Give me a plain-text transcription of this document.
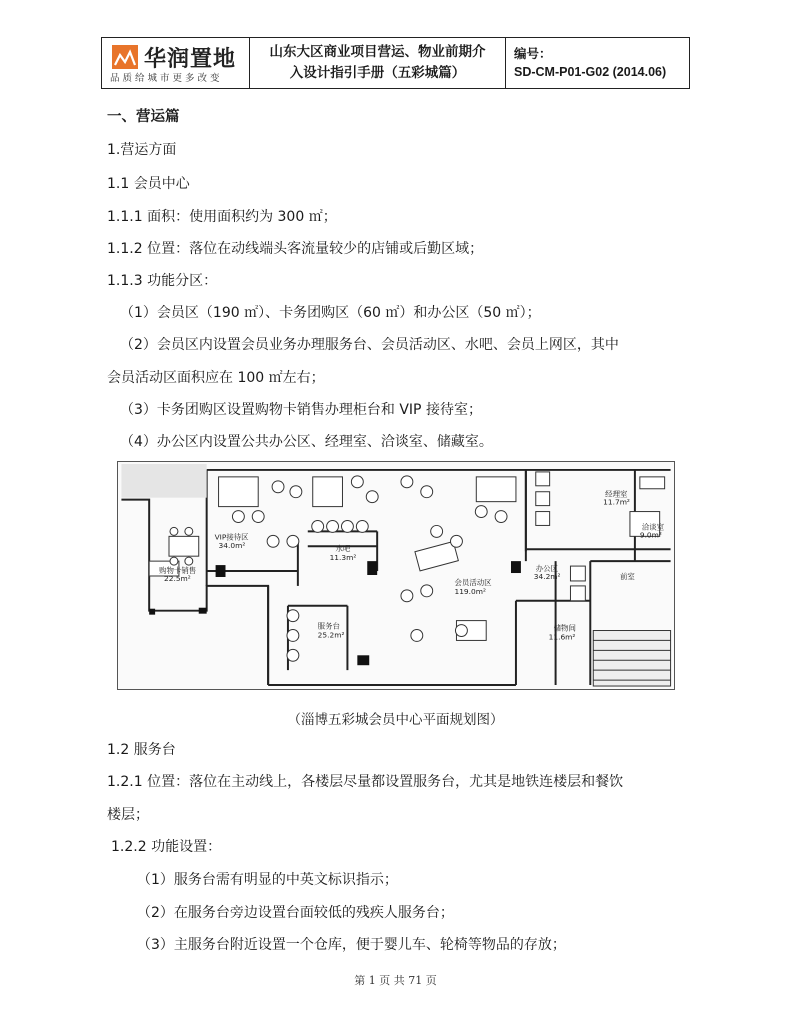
华润置地
品质给城市更多改变
山东大区商业项目营运、物业前期介
入设计指引手册（五彩城篇）
编号：
SD-CM-P01-G02 (2014.06)
一、营运篇
1.营运方面
1.1 会员中心
1.1.1 面积：使用面积约为 300 ㎡；
1.1.2 位置：落位在动线端头客流量较少的店铺或后勤区域；
1.1.3 功能分区：
（1）会员区（190 ㎡）、卡务团购区（60 ㎡）和办公区（50 ㎡）；
（2）会员区内设置会员业务办理服务台、会员活动区、水吧、会员上网区，其中
会员活动区面积应在 100 ㎡左右；
（3）卡务团购区设置购物卡销售办理柜台和 VIP 接待室；
（4）办公区内设置公共办公区、经理室、洽谈室、储藏室。
VIP接待区
34.0m²
购物卡销售
22.5m²
水吧
11.3m²
服务台
25.2m²
会员活动区
119.0m²
办公区
34.2m²
储物间
11.6m²
经理室
11.7m²
洽谈室
9.0m²
前室
（淄博五彩城会员中心平面规划图）
1.2 服务台
1.2.1 位置：落位在主动线上，各楼层尽量都设置服务台，尤其是地铁连楼层和餐饮
楼层；
1.2.2 功能设置：
（1）服务台需有明显的中英文标识指示；
（2）在服务台旁边设置台面较低的残疾人服务台；
（3）主服务台附近设置一个仓库，便于婴儿车、轮椅等物品的存放；
第 1 页 共 71 页
